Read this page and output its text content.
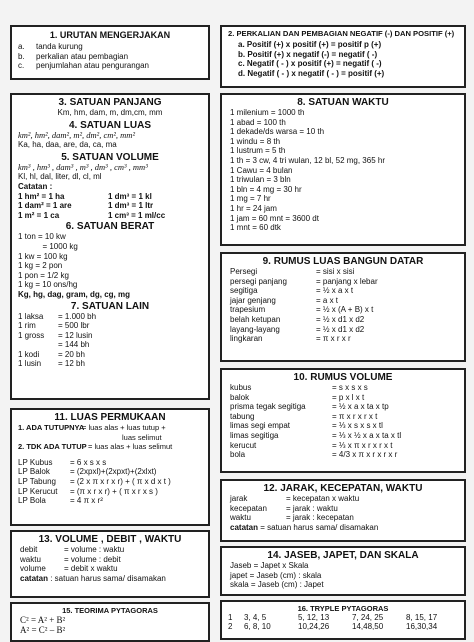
1. URUTAN MENGERJAKAN
a. tanda kurung
b. perkalian atau pembagian
c. penjumlahan atau pengurangan
2. PERKALIAN DAN PEMBAGIAN NEGATIF (-) DAN POSITIF (+)
a. Positif (+) x positif (+) = positif p (+)
b. Positif (+) x negatif (-) = negatif ( -)
c. Negatif ( - ) x positif (+) = negatif ( -)
d. Negatif ( - ) x negatif ( - ) = positif (+)
3. SATUAN PANJANG
Km, hm, dam, m, dm,cm, mm
4. SATUAN LUAS
km², hm², dam², m², dm², cm², mm²
Ka, ha, daa, are, da, ca, ma
5. SATUAN VOLUME
km³ , hm³ , dam³ , m³ , dm³ , cm³ , mm³
Kl, hl, dal, liter, dl, cl, ml
Catatan :
1 hm² = 1 ha	1 dm³ = 1 kl
1 dam² = 1 are	1 dm³ = 1 ltr
1 m² = 1 ca	1 cm³ = 1 ml/cc
6. SATUAN BERAT
1 ton = 10 kw
= 1000 kg
1 kw = 100 kg
1 kg = 2 pon
1 pon = 1/2 kg
1 kg = 10 ons/hg
Kg, hg, dag, gram, dg, cg, mg
7. SATUAN LAIN
1 laksa	= 1.000 bh
1 rim	= 500 lbr
1 gross	= 12 lusin
= 144 bh
1 kodi	= 20 bh
1 lusin	= 12 bh
8. SATUAN WAKTU
1 milenium = 1000 th
1 abad = 100 th
1 dekade/ds warsa = 10 th
1 windu = 8 th
1 lustrum = 5 th
1 th = 3 cw, 4 tri wulan, 12 bl, 52 mg, 365 hr
1 Cawu = 4 bulan
1 triwulan = 3 bln
1 bln = 4 mg = 30 hr
1 mg = 7 hr
1 hr = 24 jam
1 jam = 60 mnt = 3600 dt
1 mnt = 60 dtk
9. RUMUS LUAS BANGUN DATAR
Persegi	= sisi x sisi
persegi panjang	= panjang x lebar
segitiga	= ½ x a x t
jajar genjang	= a x t
trapesium	= ½ x (A + B) x t
belah ketupan	= ½ x d1 x d2
layang-layang	= ½ x d1 x d2
lingkaran	= π x r x r
10. RUMUS VOLUME
kubus	= s x s x s
balok	= p x l x t
prisma tegak segitiga	= ½ x a x ta x tp
tabung	= π x r x r x t
limas segi empat	= ⅓ x s x s x tl
limas segitiga	= ⅓ x ½ x a x ta x tl
kerucut	= ⅓ x π x r x r x t
bola	= 4/3 x π x r x r x r
11. LUAS PERMUKAAN
1. ADA TUTUPNYA
= luas alas + luas tutup +
luas selimut
2. TDK ADA TUTUP = luas alas + luas selimut
LP Kubus	= 6 x s x s
LP Balok	= (2xpxl)+(2xpxt)+(2xlxt)
LP Tabung	= (2 x π x r x r) + ( π x d x t )
LP Kerucut	= (π x r x r) + ( π x r x s )
LP Bola	= 4 π x r²
12. JARAK, KECEPATAN, WAKTU
jarak	= kecepatan x waktu
kecepatan	= jarak : waktu
waktu	= jarak : kecepatan
catatan = satuan harus sama/ disamakan
13. VOLUME , DEBIT , WAKTU
debit	= volume : waktu
waktu	= volume : debit
volume	= debit x waktu
catatan : satuan harus sama/ disamakan
14. JASEB, JAPET, DAN SKALA
Jaseb = Japet x Skala
japet = Jaseb (cm) : skala
skala = Jaseb (cm) : Japet
15. TEORIMA PYTAGORAS
C² = A² + B²
A² = C² – B²
16. TRYPLE PYTAGORAS
1	3, 4, 5	5, 12, 13	7, 24, 25	8, 15, 17
2	6, 8, 10	10,24,26	14,48,50	16,30,34
